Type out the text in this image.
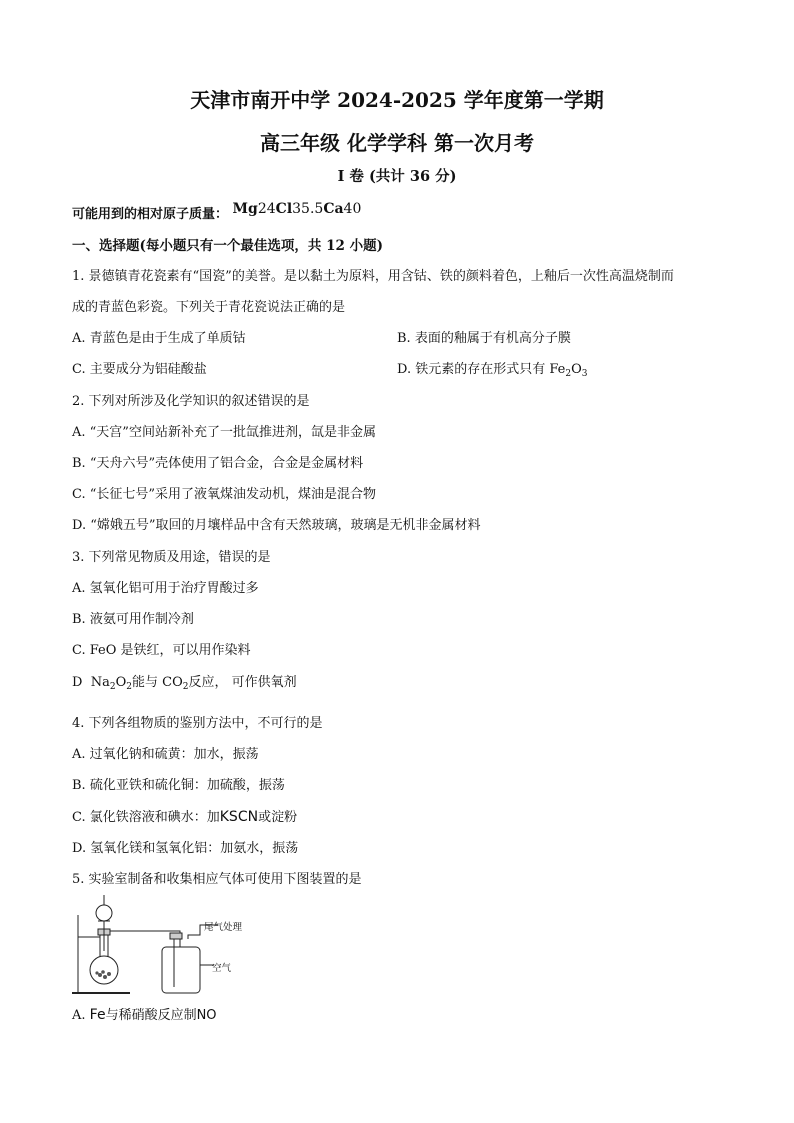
天津市南开中学 2024-2025 学年度第一学期
高三年级 化学学科 第一次月考
I 卷 (共计 36 分)
可能用到的相对原子质量： Mg24Cl35.5Ca40
一、选择题(每小题只有一个最佳选项，共 12 小题)
1. 景德镇青花瓷素有“国瓷”的美誉。是以黏土为原料，用含钴、铁的颜料着色，上釉后一次性高温烧制而
成的青蓝色彩瓷。下列关于青花瓷说法正确的是
A. 青蓝色是由于生成了单质钴	B. 表面的釉属于有机高分子膜
C. 主要成分为铝硅酸盐	D. 铁元素的存在形式只有 $Fe_2O_3$
2. 下列对所涉及化学知识的叙述错误的是
A. “天宫”空间站新补充了一批氙推进剂，氙是非金属
B. “天舟六号”壳体使用了铝合金，合金是金属材料
C. “长征七号”采用了液氧煤油发动机，煤油是混合物
D. “嫦娥五号”取回的月壤样品中含有天然玻璃，玻璃是无机非金属材料
3. 下列常见物质及用途，错误的是
A. 氢氧化铝可用于治疗胃酸过多
B. 液氨可用作制冷剂
C. FeO 是铁红，可以用作染料
D $Na_2O_2$能与 $CO_2$反应， 可作供氧剂
4. 下列各组物质的鉴别方法中，不可行的是
A. 过氧化钠和硫黄：加水，振荡
B. 硫化亚铁和硫化铜：加硫酸，振荡
C. 氯化铁溶液和碘水：加KSCN或淀粉
D. 氢氧化镁和氢氧化铝：加氨水，振荡
5. 实验室制备和收集相应气体可使用下图装置的是
尾气处理
空气
A. Fe与稀硝酸反应制NO
